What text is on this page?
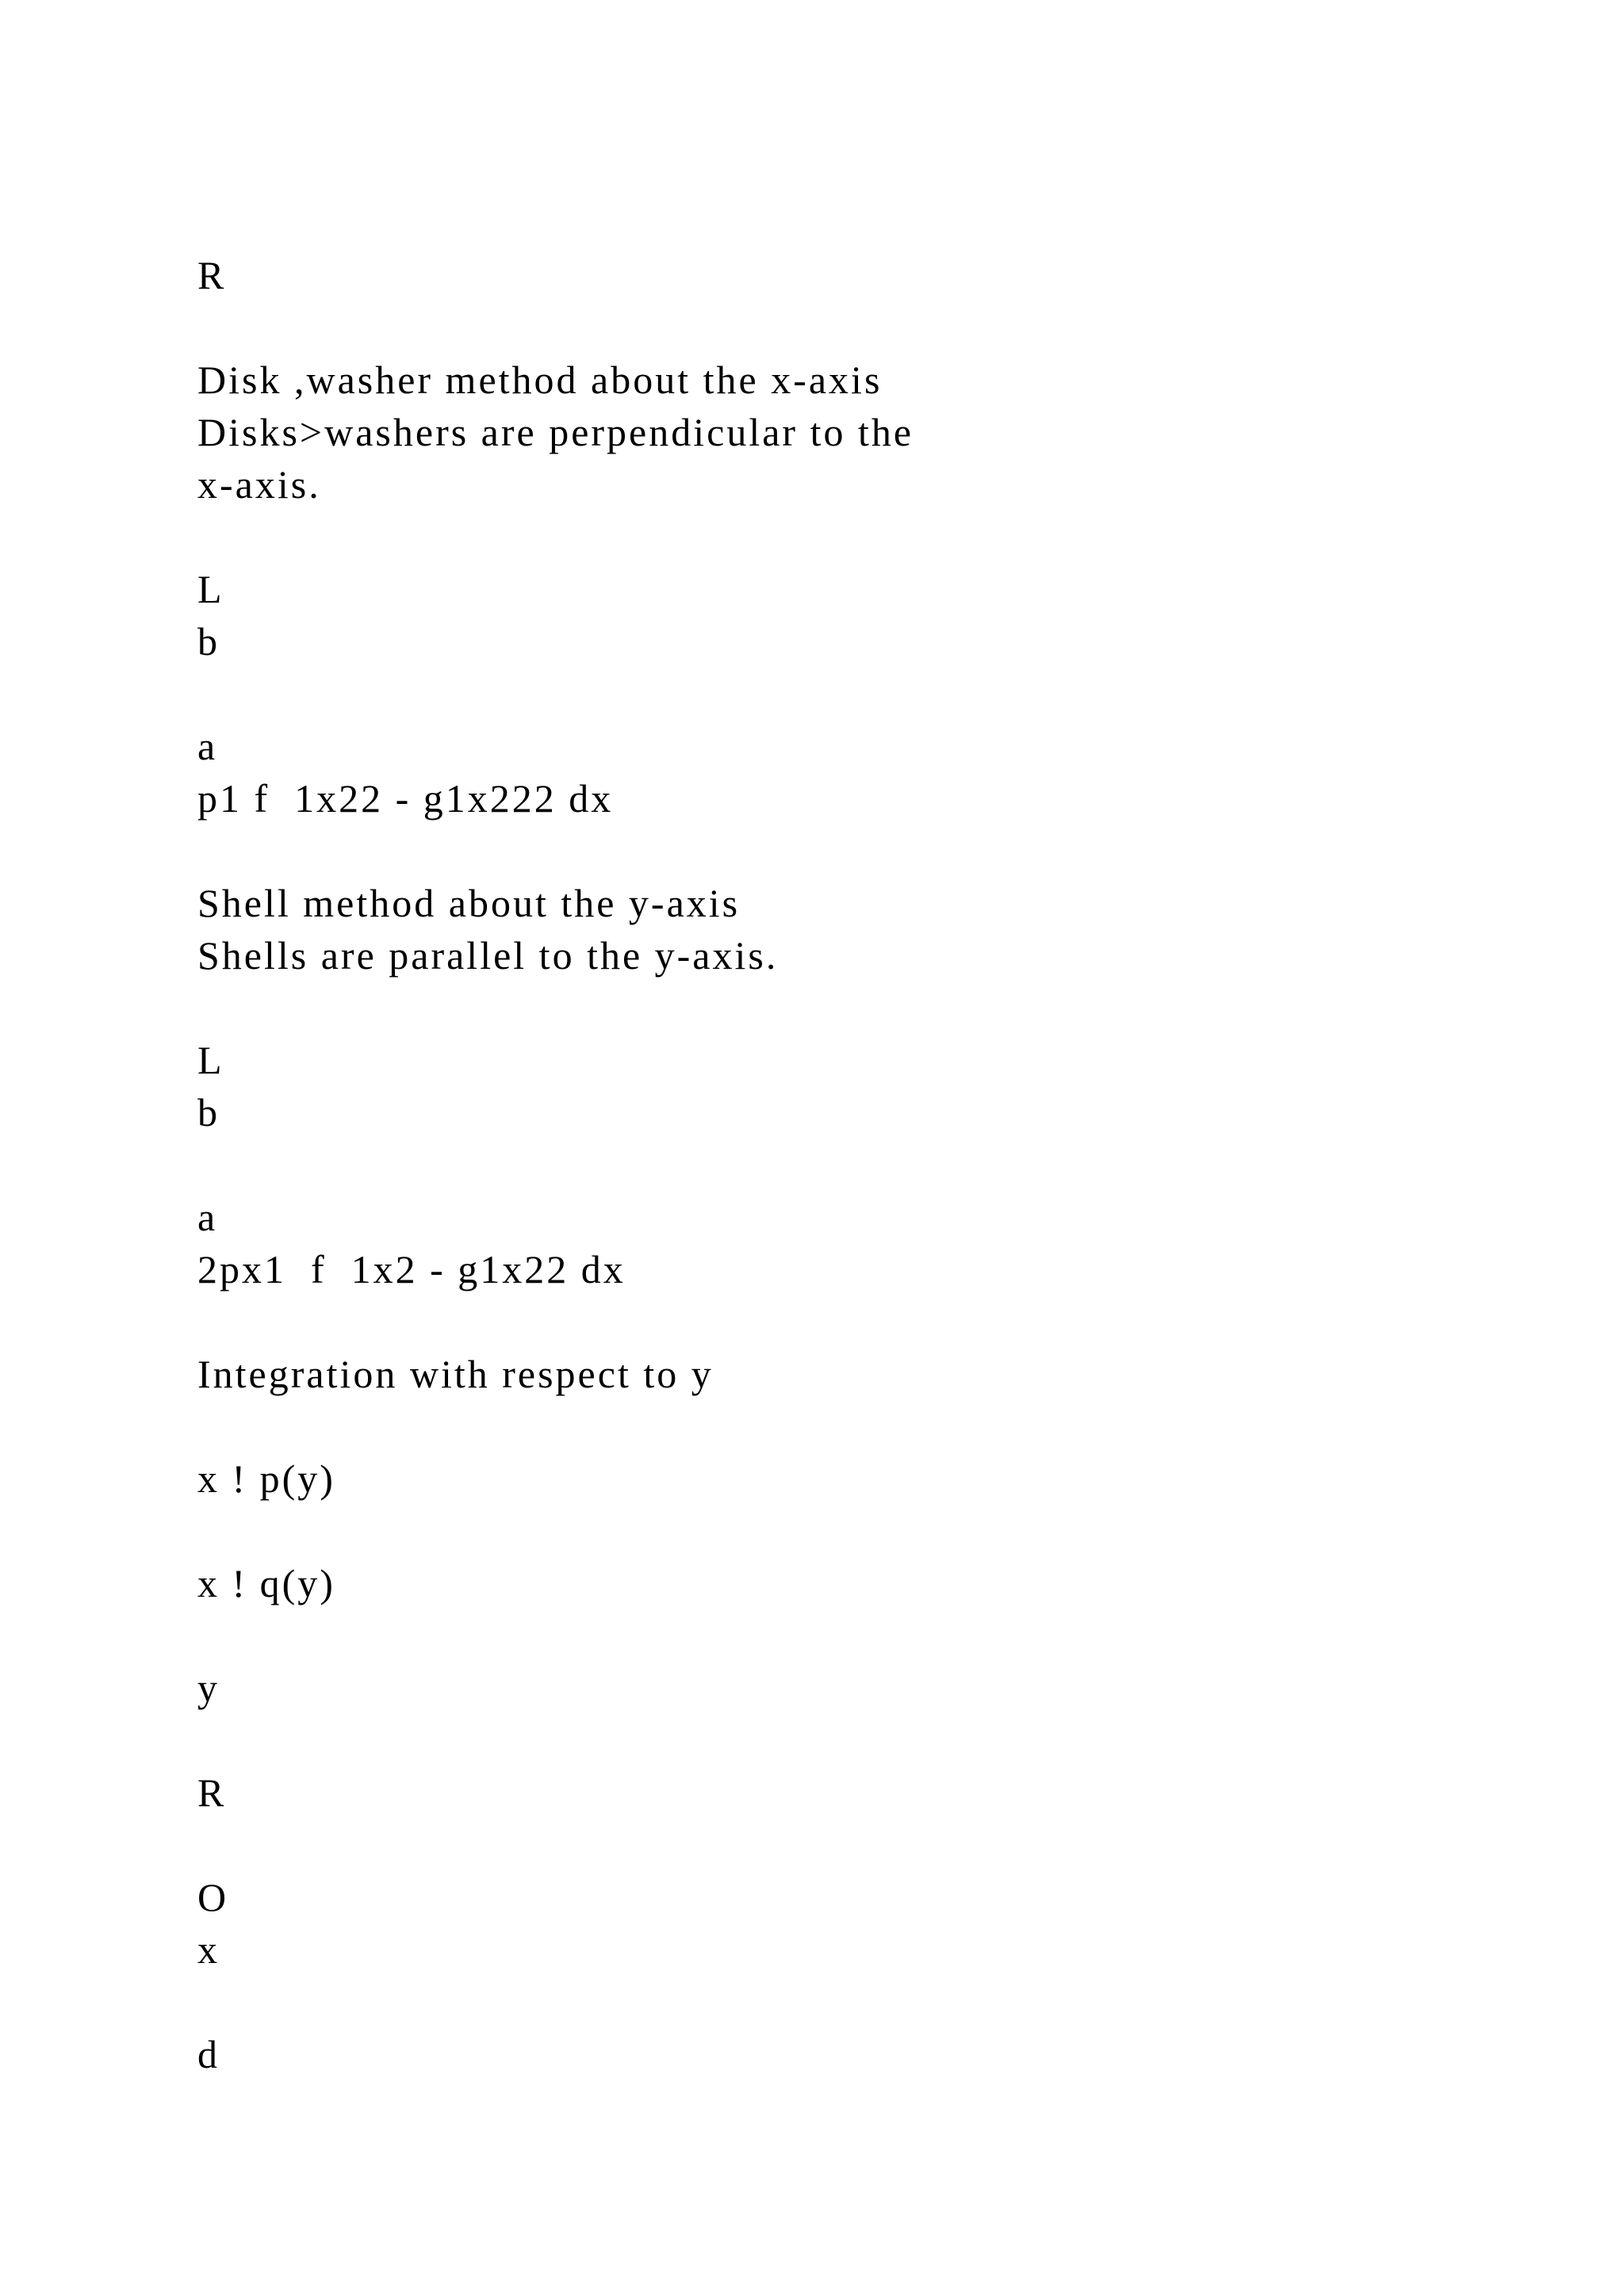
R

Disk ,washer method about the x-axis

Disks>washers are perpendicular to the

x-axis.

L

b

a

p1 f  1x22 - g1x222 dx

Shell method about the y-axis

Shells are parallel to the y-axis.

L

b

a

2px1  f  1x2 - g1x22 dx

Integration with respect to y

x ! p(y)

x ! q(y)

y

R

O

x

d
